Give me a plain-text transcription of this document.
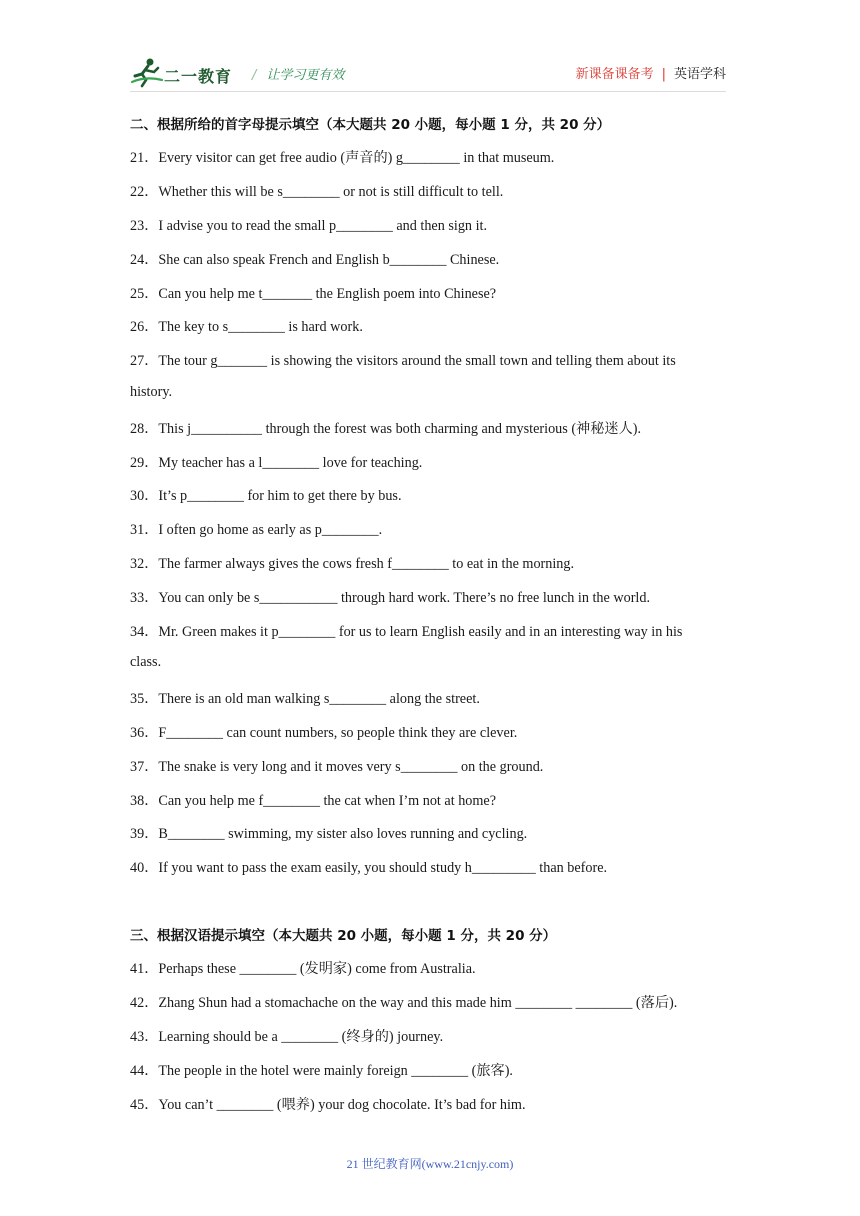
二一教育 / 让学习更有效	新课备课备考 | 英语学科
二、根据所给的首字母提示填空（本大题共 20 小题，每小题 1 分，共 20 分）
21．Every visitor can get free audio (声音的) g________ in that museum.
22．Whether this will be s________ or not is still difficult to tell.
23．I advise you to read the small p________ and then sign it.
24．She can also speak French and English b________ Chinese.
25．Can you help me t_______ the English poem into Chinese?
26．The key to s________ is hard work.
27．The tour g_______ is showing the visitors around the small town and telling them about its
history.
28．This j__________ through the forest was both charming and mysterious (神秘迷人).
29．My teacher has a l________ love for teaching.
30．It’s p________ for him to get there by bus.
31．I often go home as early as p________.
32．The farmer always gives the cows fresh f________ to eat in the morning.
33．You can only be s___________ through hard work. There’s no free lunch in the world.
34．Mr. Green makes it p________ for us to learn English easily and in an interesting way in his
class.
35．There is an old man walking s________ along the street.
36．F________ can count numbers, so people think they are clever.
37．The snake is very long and it moves very s________ on the ground.
38．Can you help me f________ the cat when I’m not at home?
39．B________ swimming, my sister also loves running and cycling.
40．If you want to pass the exam easily, you should study h_________ than before.
三、根据汉语提示填空（本大题共 20 小题，每小题 1 分，共 20 分）
41．Perhaps these ________ (发明家) come from Australia.
42．Zhang Shun had a stomachache on the way and this made him ________ ________ (落后).
43．Learning should be a ________ (终身的) journey.
44．The people in the hotel were mainly foreign ________ (旅客).
45．You can’t ________ (喂养) your dog chocolate. It’s bad for him.
21 世纪教育网(www.21cnjy.com)
